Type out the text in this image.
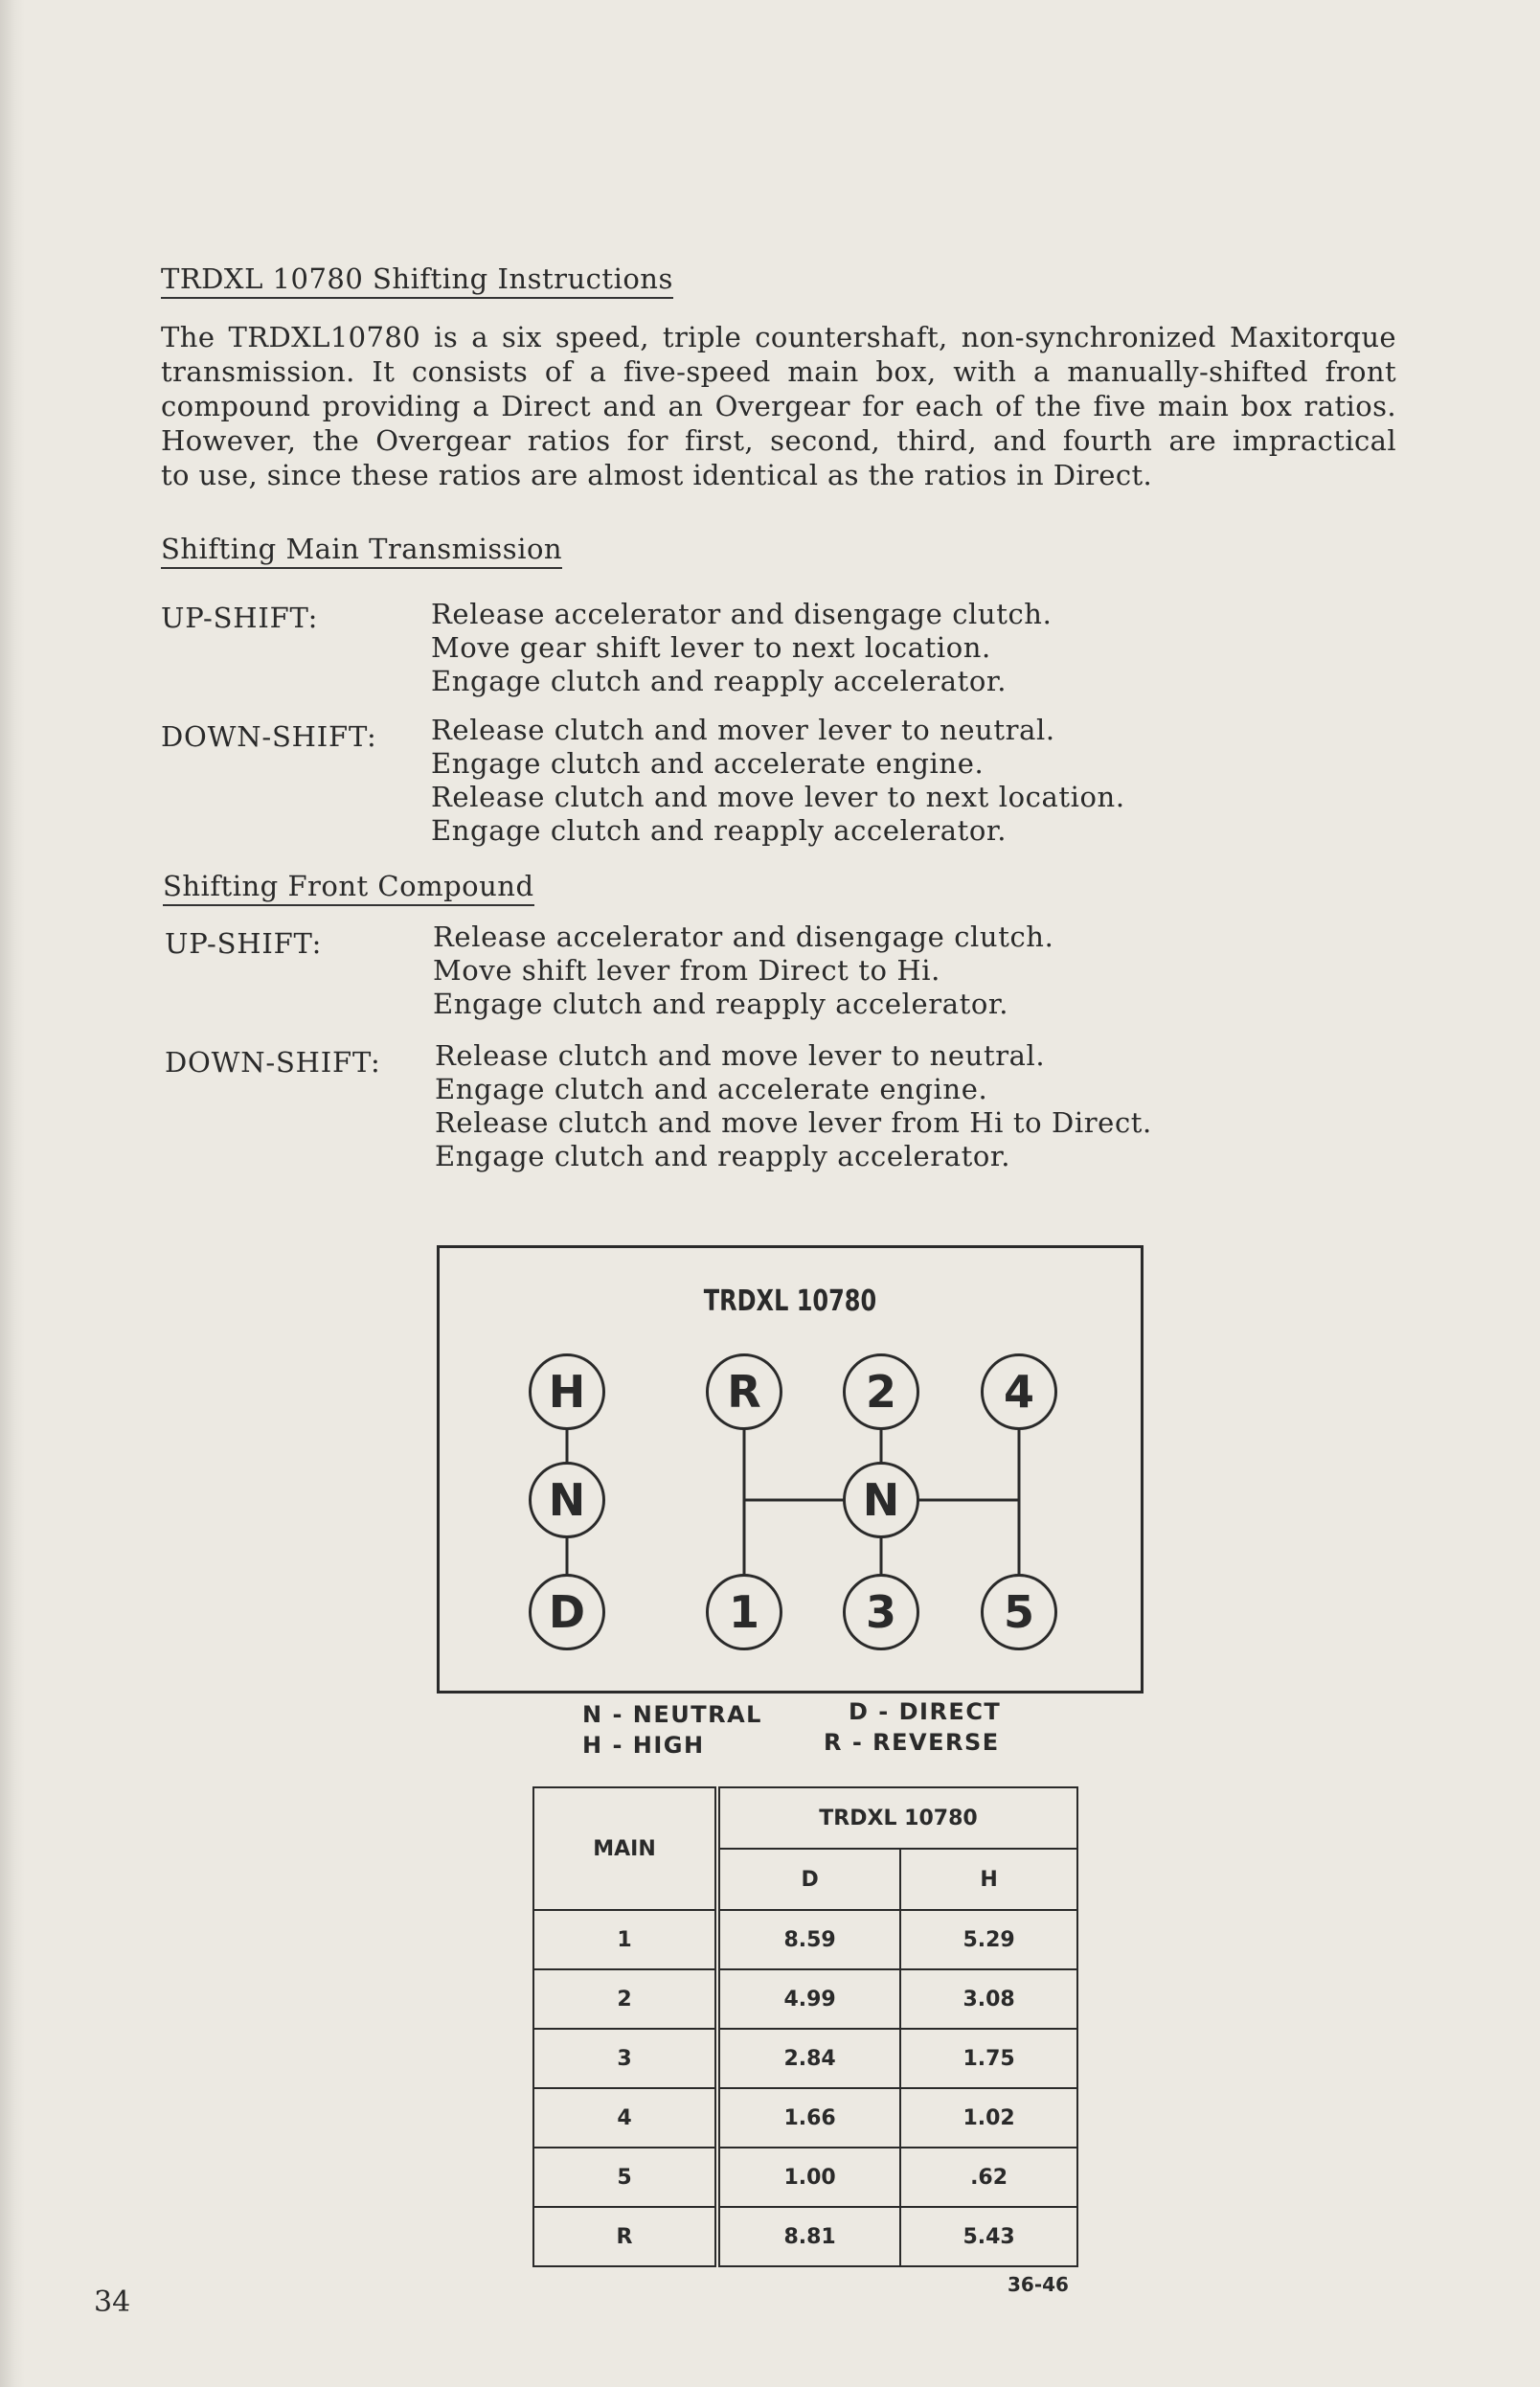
TRDXL 10780 Shifting Instructions
The TRDXL10780 is a six speed, triple countershaft, non-synchronized Maxitorque
transmission. It consists of a five-speed main box, with a manually-shifted front
compound providing a Direct and an Overgear for each of the five main box ratios.
However, the Overgear ratios for first, second, third, and fourth are impractical
to use, since these ratios are almost identical as the ratios in Direct.
Shifting Main Transmission
UP-SHIFT:	Release accelerator and disengage clutch.
Move gear shift lever to next location.
Engage clutch and reapply accelerator.
DOWN-SHIFT: Release clutch and mover lever to neutral.
Engage clutch and accelerate engine.
Release clutch and move lever to next location.
Engage clutch and reapply accelerator.
Shifting Front Compound
UP-SHIFT:	Release accelerator and disengage clutch.
Move shift lever from Direct to Hi.
Engage clutch and reapply accelerator.
DOWN-SHIFT: Release clutch and move lever to neutral.
Engage clutch and accelerate engine.
Release clutch and move lever from Hi to Direct.
Engage clutch and reapply accelerator.
TRDXL 10780
H
N
D
R	2	4
N
1	3	5
N - NEUTRAL
H - HIGH
D - DIRECT
R - REVERSE
MAIN	TRDXL 10780	
	D	H
1	8.59	5.29
2	4.99	3.08
3	2.84	1.75
4	1.66	1.02
5	1.00	.62
R	8.81	5.43
36-46
34
